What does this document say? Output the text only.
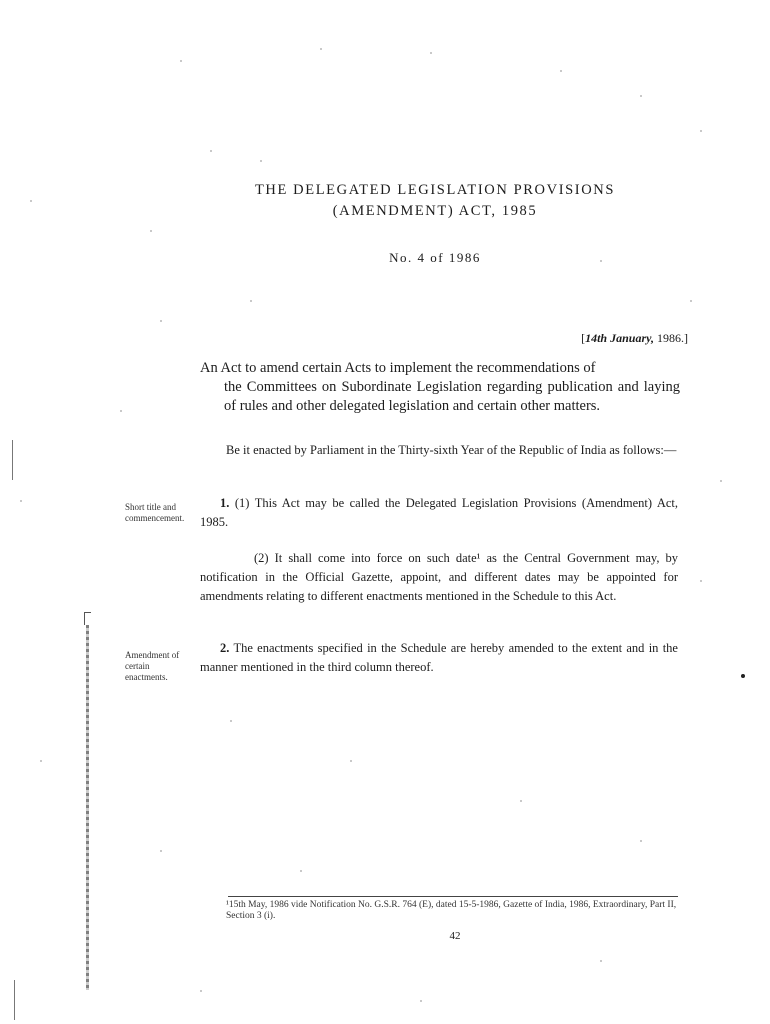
THE DELEGATED LEGISLATION PROVISIONS
(AMENDMENT) ACT, 1985
No. 4 of 1986
[14th January, 1986.]
An Act to amend certain Acts to implement the recommendations of
the Committees on Subordinate Legislation regarding publication and laying of rules and other delegated legislation and certain other matters.
Be it enacted by Parliament in the Thirty-sixth Year of the Republic of India as follows:—
Short title and commencement.
1. (1) This Act may be called the Delegated Legislation Provisions (Amendment) Act, 1985.
(2) It shall come into force on such date¹ as the Central Government may, by notification in the Official Gazette, appoint, and different dates may be appointed for amendments relating to different enactments mentioned in the Schedule to this Act.
Amendment of certain enactments.
2. The enactments specified in the Schedule are hereby amended to the extent and in the manner mentioned in the third column thereof.
¹15th May, 1986 vide Notification No. G.S.R. 764 (E), dated 15-5-1986, Gazette of India, 1986, Extraordinary, Part II, Section 3 (i).
42
